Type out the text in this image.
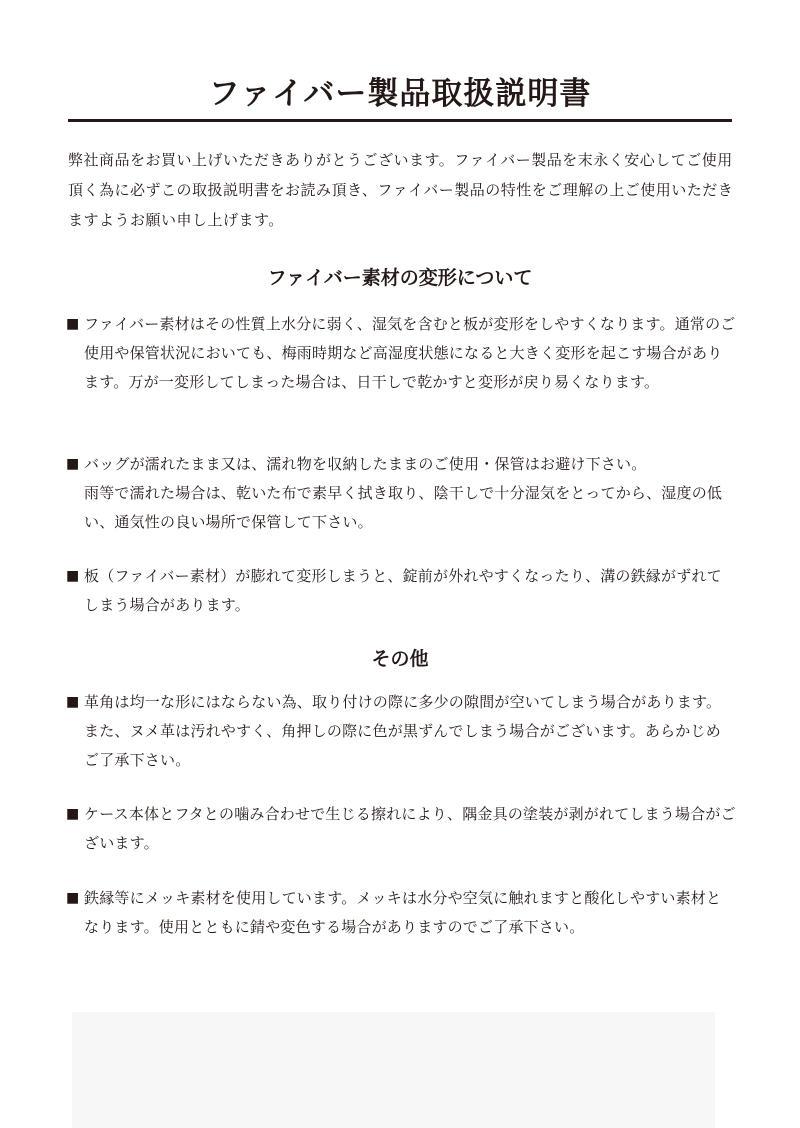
ファイバー製品取扱説明書
弊社商品をお買い上げいただきありがとうございます。ファイバー製品を末永く安心してご使用頂く為に必ずこの取扱説明書をお読み頂き、ファイバー製品の特性をご理解の上ご使用いただきますようお願い申し上げます。
ファイバー素材の変形について
■ ファイバー素材はその性質上水分に弱く、湿気を含むと板が変形をしやすくなります。通常のご使用や保管状況においても、梅雨時期など高湿度状態になると大きく変形を起こす場合があります。万が一変形してしまった場合は、日干しで乾かすと変形が戻り易くなります。
■ バッグが濡れたまま又は、濡れ物を収納したままのご使用・保管はお避け下さい。
雨等で濡れた場合は、乾いた布で素早く拭き取り、陰干しで十分湿気をとってから、湿度の低い、通気性の良い場所で保管して下さい。
■ 板（ファイバー素材）が膨れて変形しまうと、錠前が外れやすくなったり、溝の鉄縁がずれてしまう場合があります。
その他
■ 革角は均一な形にはならない為、取り付けの際に多少の隙間が空いてしまう場合があります。また、ヌメ革は汚れやすく、角押しの際に色が黒ずんでしまう場合がございます。あらかじめご了承下さい。
■ ケース本体とフタとの噛み合わせで生じる擦れにより、隅金具の塗装が剥がれてしまう場合がございます。
■ 鉄縁等にメッキ素材を使用しています。メッキは水分や空気に触れますと酸化しやすい素材となります。使用とともに錆や変色する場合がありますのでご了承下さい。
